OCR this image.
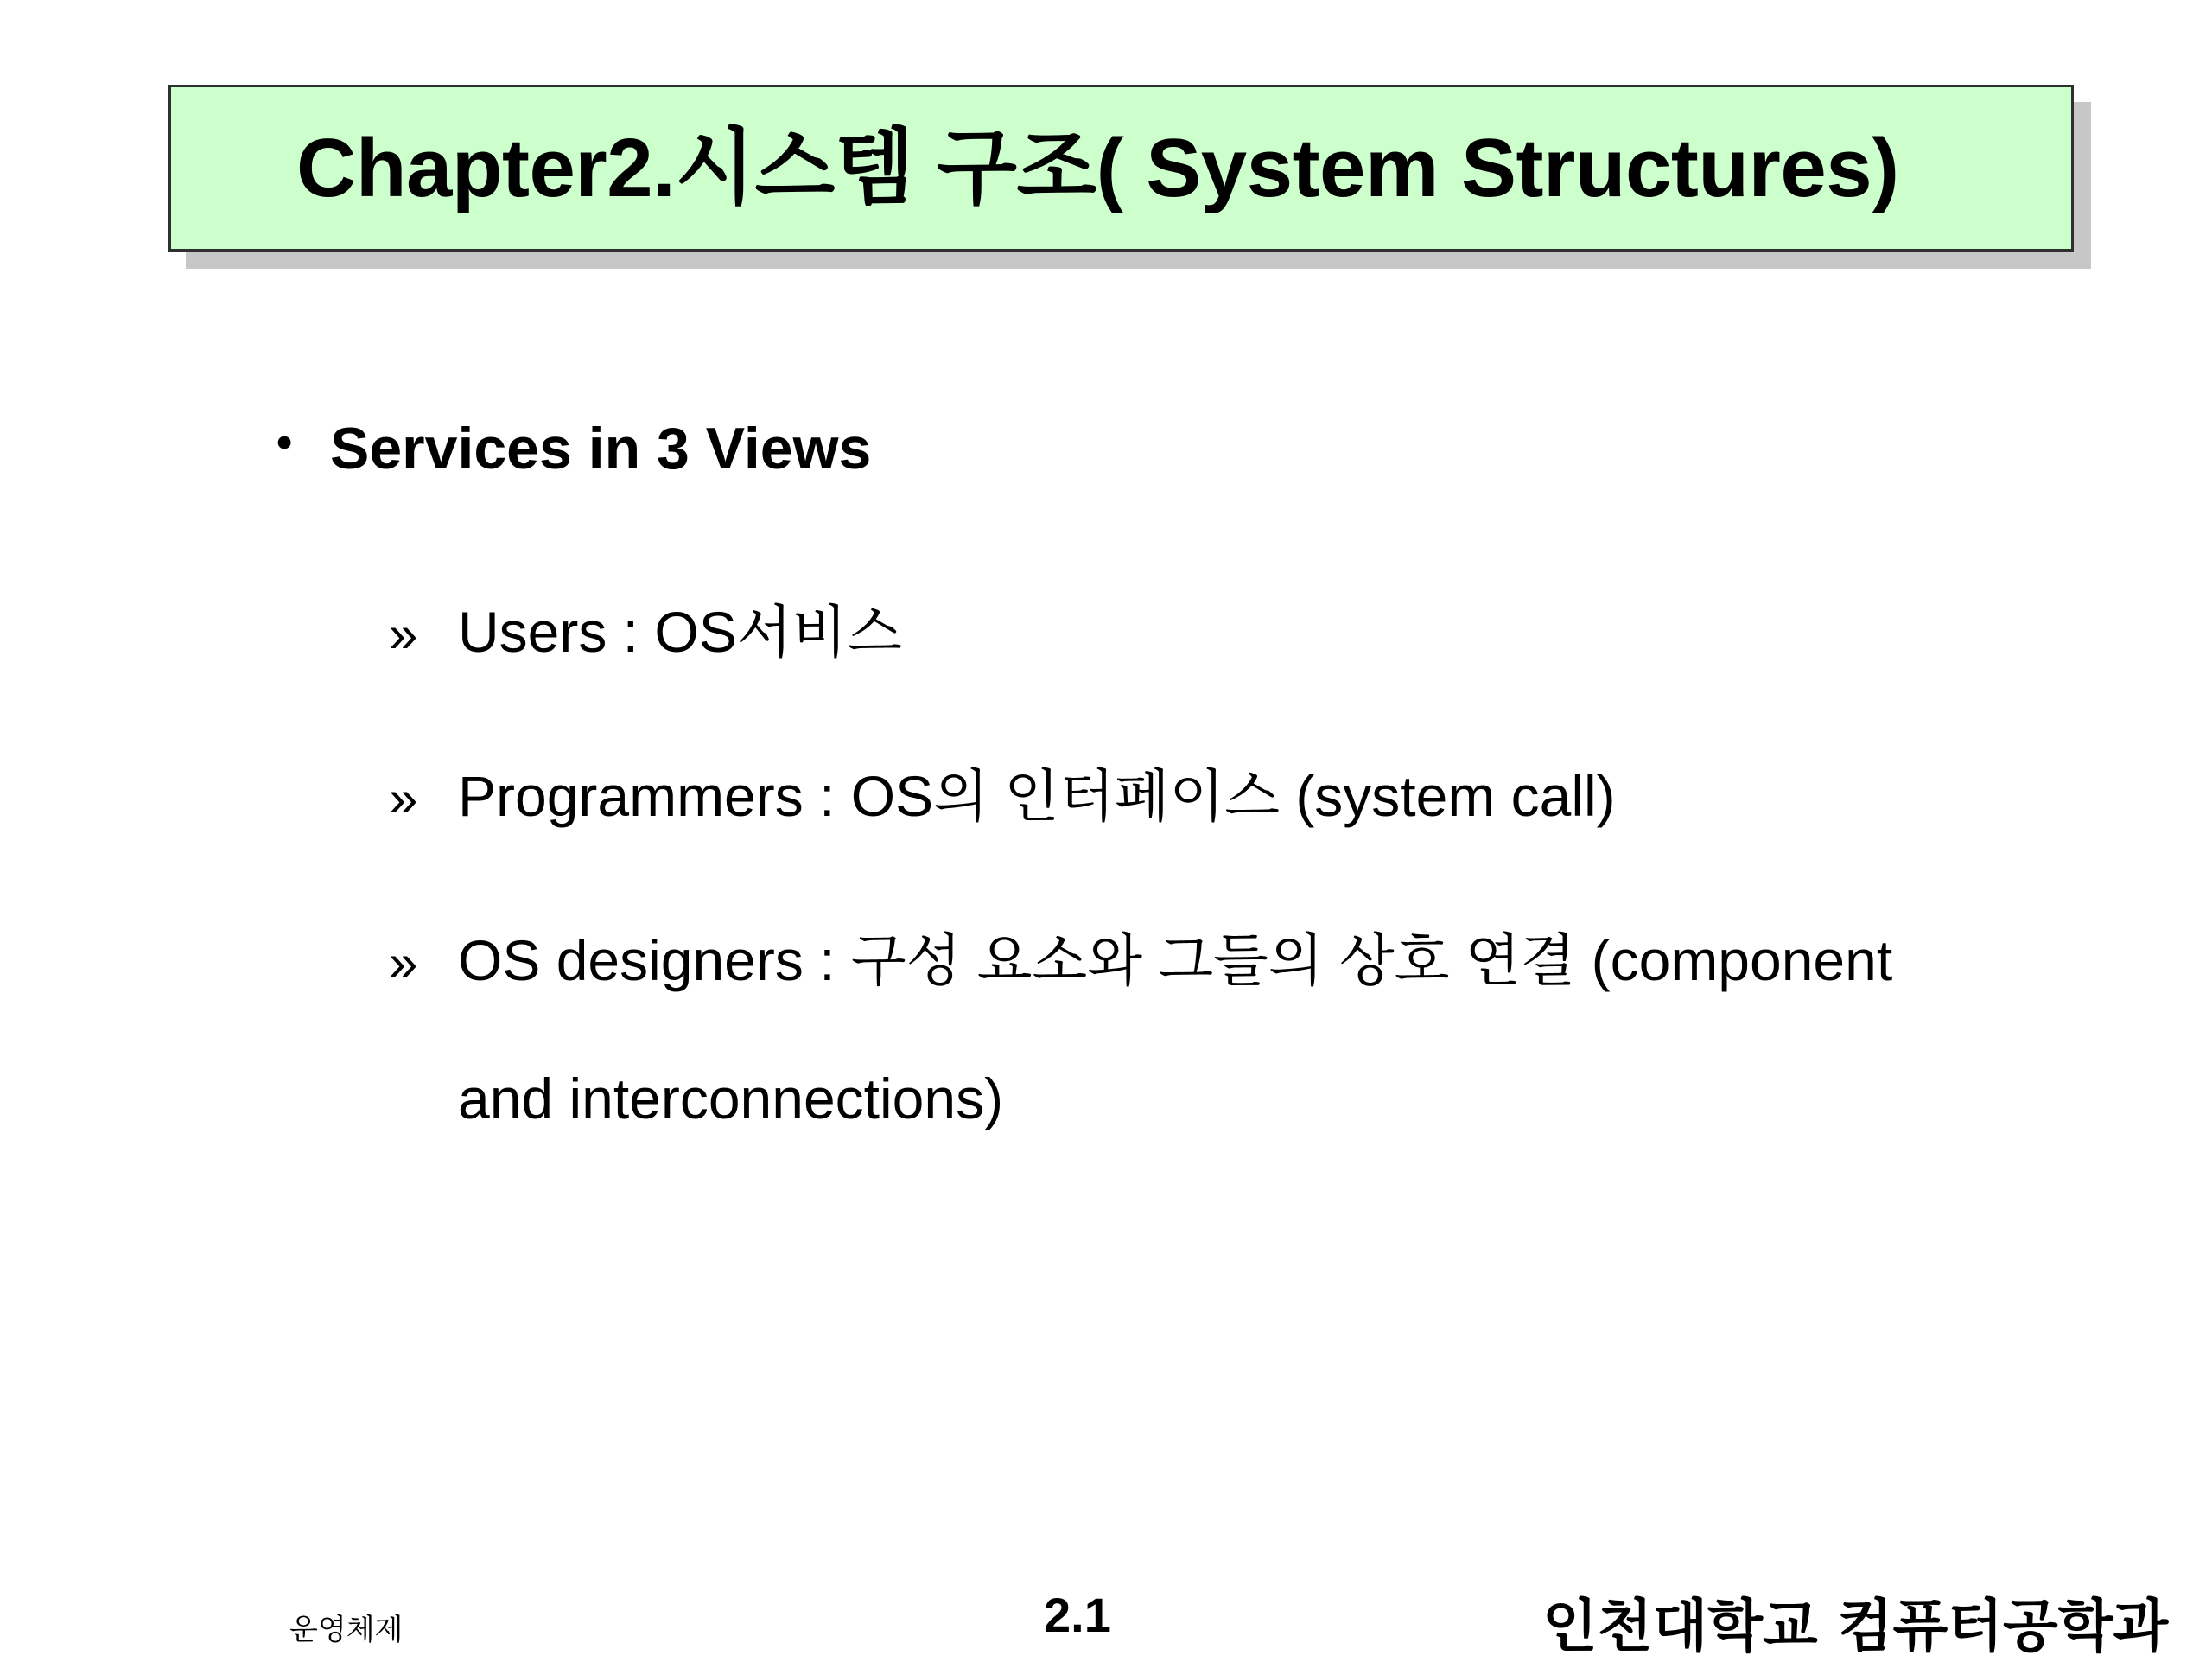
Chapter2.시스템 구조( System Structures)
• Services in 3 Views
» Users : OS서비스
» Programmers : OS의 인터페이스 (system call)
» OS designers : 구성 요소와 그들의 상호 연결 (component
and interconnections)
운영체제	2.1	인천대학교 컴퓨터공학과
